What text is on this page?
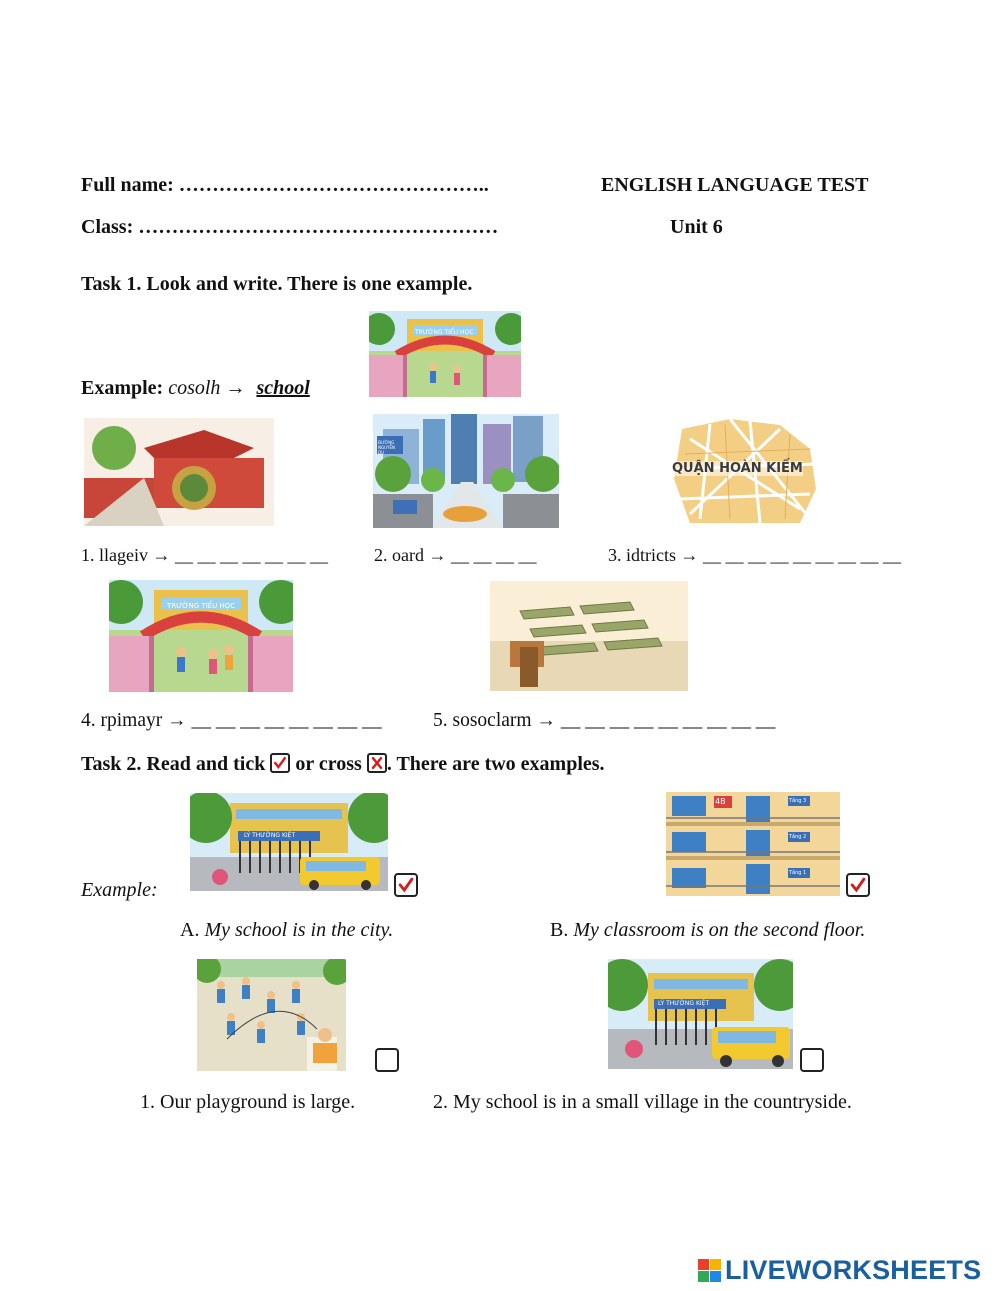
Full name: ………………………………………..	ENGLISH LANGUAGE TEST
Class: ………………………………………………	Unit 6
Task 1. Look and write. There is one example.
Example: cosolh → school
TRƯỜNG TIỂU HỌC
ĐƯỜNG NGUYỄN DU
QUẬN HOÀN KIẾM
1. llageiv → __ __ __ __ __ __ __	2. oard → __ __ __ __	3. idtricts → __ __ __ __ __ __ __ __ __
TRƯỜNG TIỂU HỌC
4. rpimayr → __ __ __ __ __ __ __ __	5. sosoclarm → __ __ __ __ __ __ __ __ __
Task 2. Read and tick or cross . There are two examples.
Example:
LÝ THƯỜNG KIỆT
4B	Tầng 3
Tầng 2
Tầng 1
A. My school is in the city.	B. My classroom is on the second floor.
LÝ THƯỜNG KIỆT
1. Our playground is large.	2. My school is in a small village in the countryside.
LIVEWORKSHEETS
